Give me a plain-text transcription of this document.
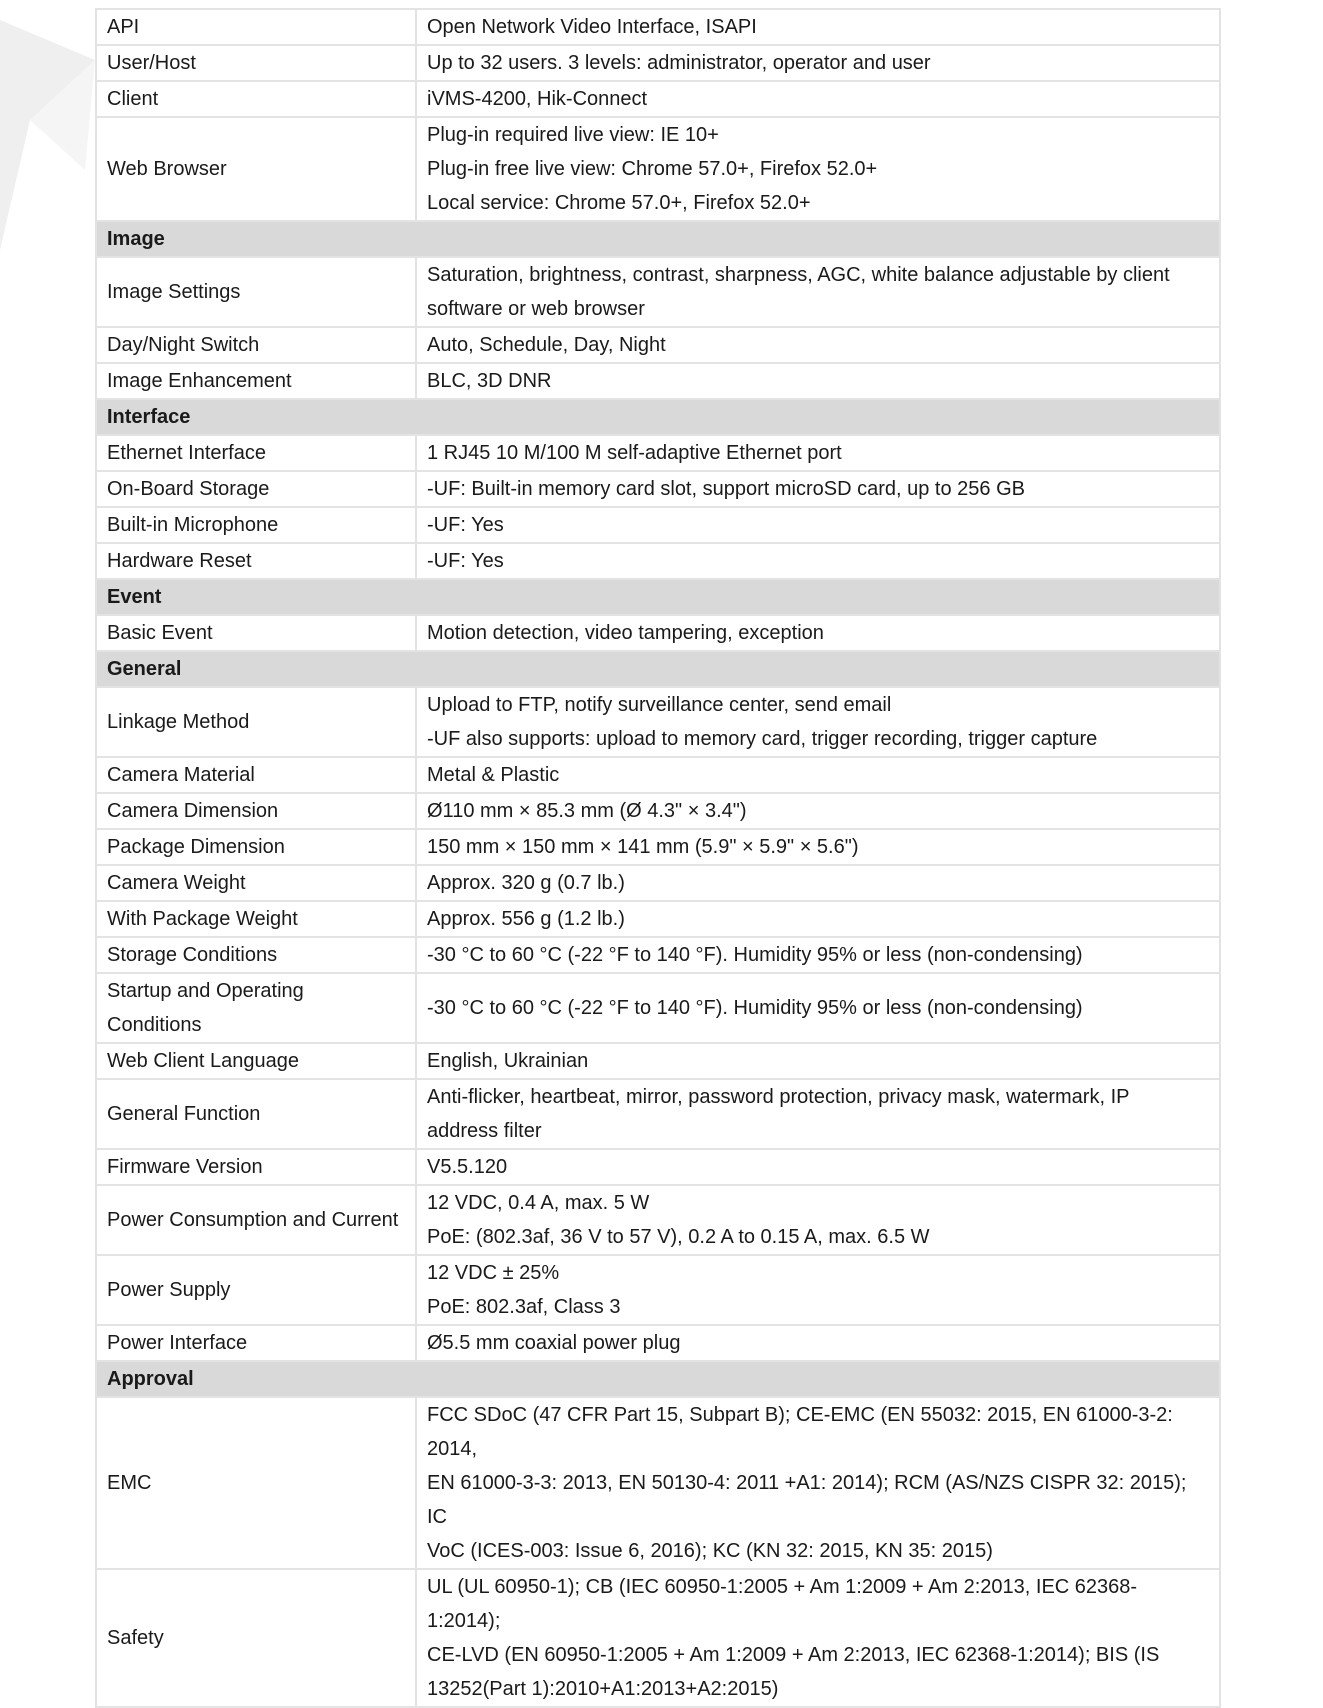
API	Open Network Video Interface, ISAPI
User/Host	Up to 32 users. 3 levels: administrator, operator and user
Client	iVMS-4200, Hik-Connect
Web Browser	Plug-in required live view: IE 10+
Plug-in free live view: Chrome 57.0+, Firefox 52.0+
Local service: Chrome 57.0+, Firefox 52.0+

Image	
Image Settings	Saturation, brightness, contrast, sharpness, AGC, white balance adjustable by client
software or web browser

Day/Night Switch	Auto, Schedule, Day, Night
Image Enhancement	BLC, 3D DNR
Interface	
Ethernet Interface	1 RJ45 10 M/100 M self-adaptive Ethernet port
On-Board Storage	-UF: Built-in memory card slot, support microSD card, up to 256 GB
Built-in Microphone	-UF: Yes
Hardware Reset	-UF: Yes
Event	
Basic Event	Motion detection, video tampering, exception
General	
Linkage Method	Upload to FTP, notify surveillance center, send email
-UF also supports: upload to memory card, trigger recording, trigger capture

Camera Material	Metal & Plastic
Camera Dimension	Ø110 mm × 85.3 mm (Ø 4.3" × 3.4")
Package Dimension	150 mm × 150 mm × 141 mm (5.9" × 5.9" × 5.6")
Camera Weight	Approx. 320 g (0.7 lb.)
With Package Weight	Approx. 556 g (1.2 lb.)
Storage Conditions	-30 °C to 60 °C (-22 °F to 140 °F). Humidity 95% or less (non-condensing)

Startup and Operating
Conditions	-30 °C to 60 °C (-22 °F to 140 °F). Humidity 95% or less (non-condensing)
Web Client Language	English, Ukrainian
General Function	Anti-flicker, heartbeat, mirror, password protection, privacy mask, watermark, IP
address filter

Firmware Version	V5.5.120
Power Consumption and Current	12 VDC, 0.4 A, max. 5 W
PoE: (802.3af, 36 V to 57 V), 0.2 A to 0.15 A, max. 6.5 W

Power Supply	12 VDC ± 25%
PoE: 802.3af, Class 3

Power Interface	Ø5.5 mm coaxial power plug
Approval	
EMC	FCC SDoC (47 CFR Part 15, Subpart B); CE-EMC (EN 55032: 2015, EN 61000-3-2: 2014,
EN 61000-3-3: 2013, EN 50130-4: 2011 +A1: 2014); RCM (AS/NZS CISPR 32: 2015); IC
VoC (ICES-003: Issue 6, 2016); KC (KN 32: 2015, KN 35: 2015)

Safety	UL (UL 60950-1); CB (IEC 60950-1:2005 + Am 1:2009 + Am 2:2013, IEC 62368-1:2014);
CE-LVD (EN 60950-1:2005 + Am 1:2009 + Am 2:2013, IEC 62368-1:2014); BIS (IS
13252(Part 1):2010+A1:2013+A2:2015)
